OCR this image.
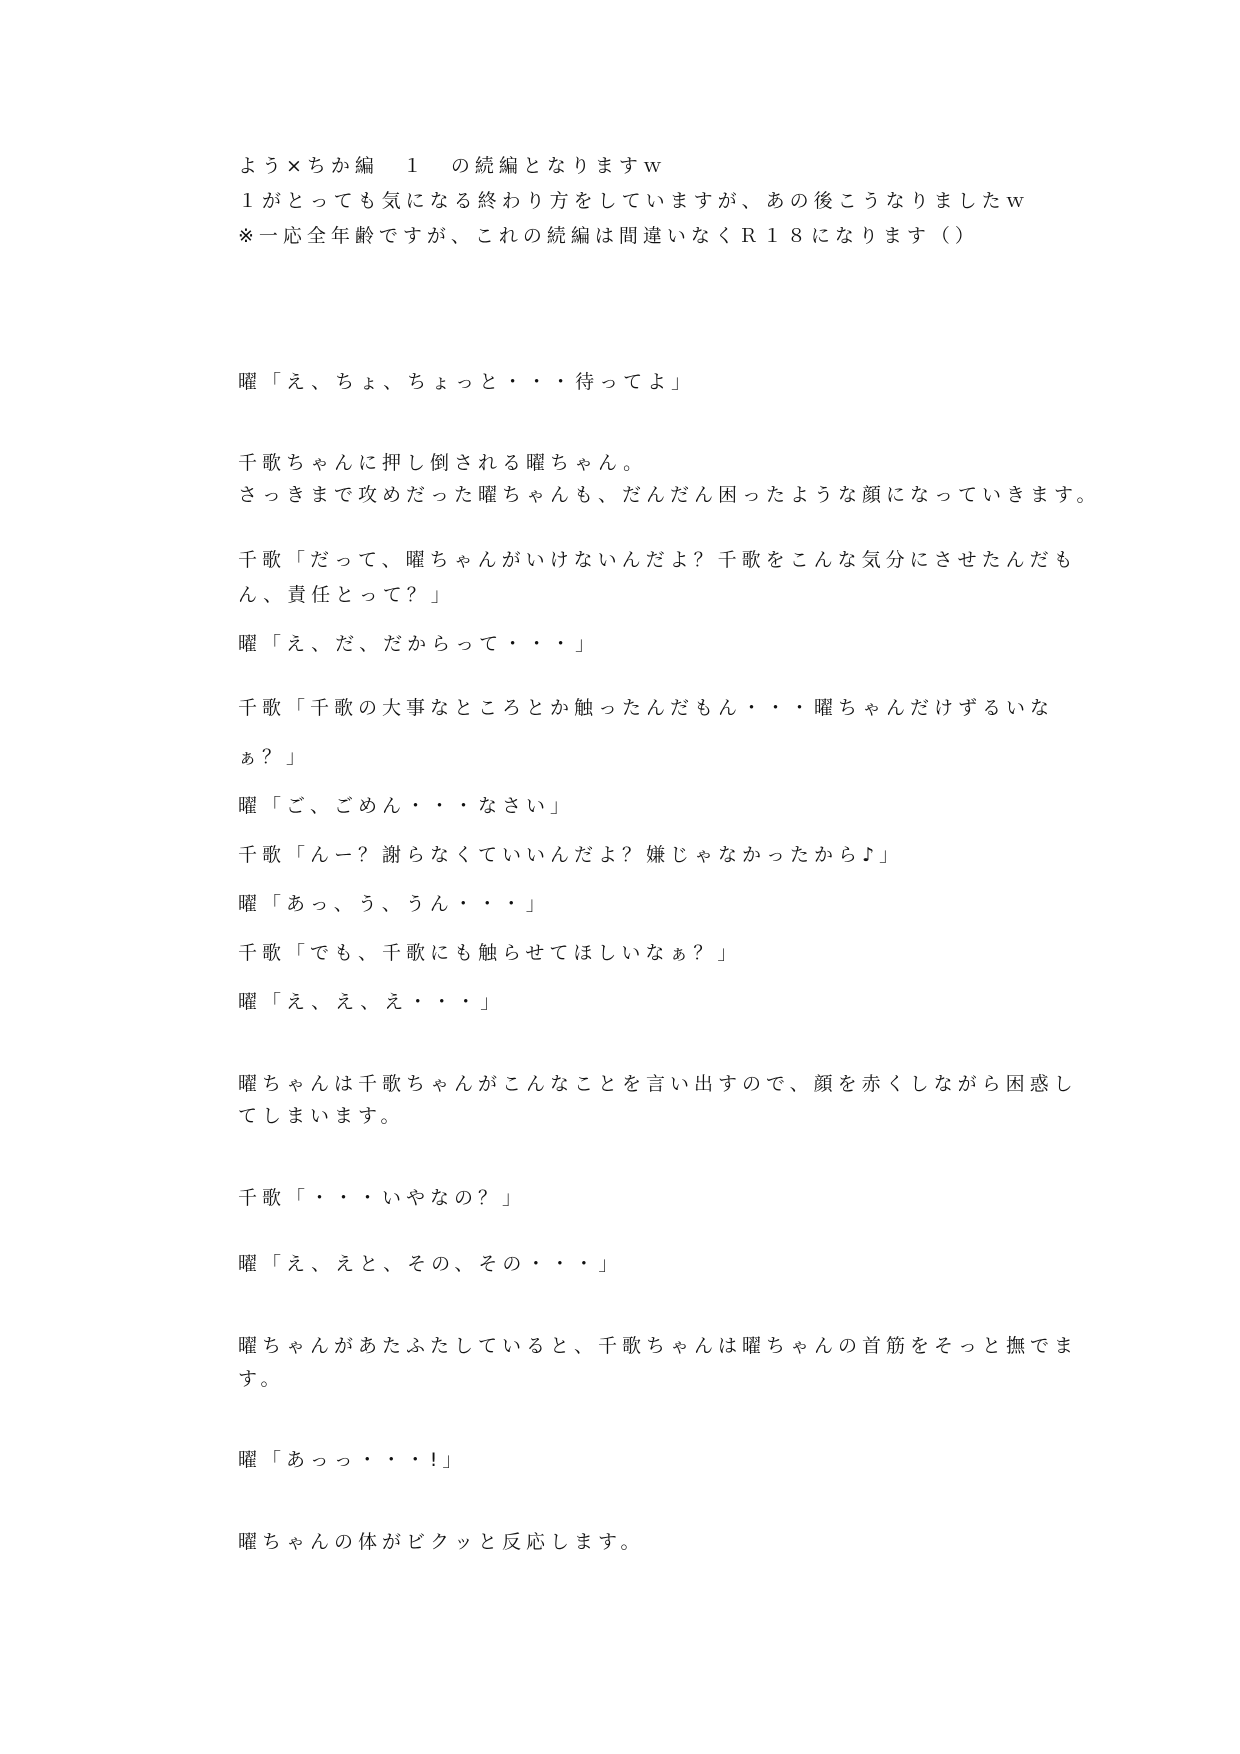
よう×ちか編　１　の続編となりますｗ
１がとっても気になる終わり方をしていますが、あの後こうなりましたｗ
※一応全年齢ですが、これの続編は間違いなくＲ１８になります（）
曜「え、ちょ、ちょっと・・・待ってよ」
千歌ちゃんに押し倒される曜ちゃん。
さっきまで攻めだった曜ちゃんも、だんだん困ったような顔になっていきます。
千歌「だって、曜ちゃんがいけないんだよ？千歌をこんな気分にさせたんだも
ん、責任とって？」
曜「え、だ、だからって・・・」
千歌「千歌の大事なところとか触ったんだもん・・・曜ちゃんだけずるいな
ぁ？」
曜「ご、ごめん・・・なさい」
千歌「んー？謝らなくていいんだよ？嫌じゃなかったから♪」
曜「あっ、う、うん・・・」
千歌「でも、千歌にも触らせてほしいなぁ？」
曜「え、え、え・・・」
曜ちゃんは千歌ちゃんがこんなことを言い出すので、顔を赤くしながら困惑し
てしまいます。
千歌「・・・いやなの？」
曜「え、えと、その、その・・・」
曜ちゃんがあたふたしていると、千歌ちゃんは曜ちゃんの首筋をそっと撫でま
す。
曜「あっっ・・・!」
曜ちゃんの体がビクッと反応します。
